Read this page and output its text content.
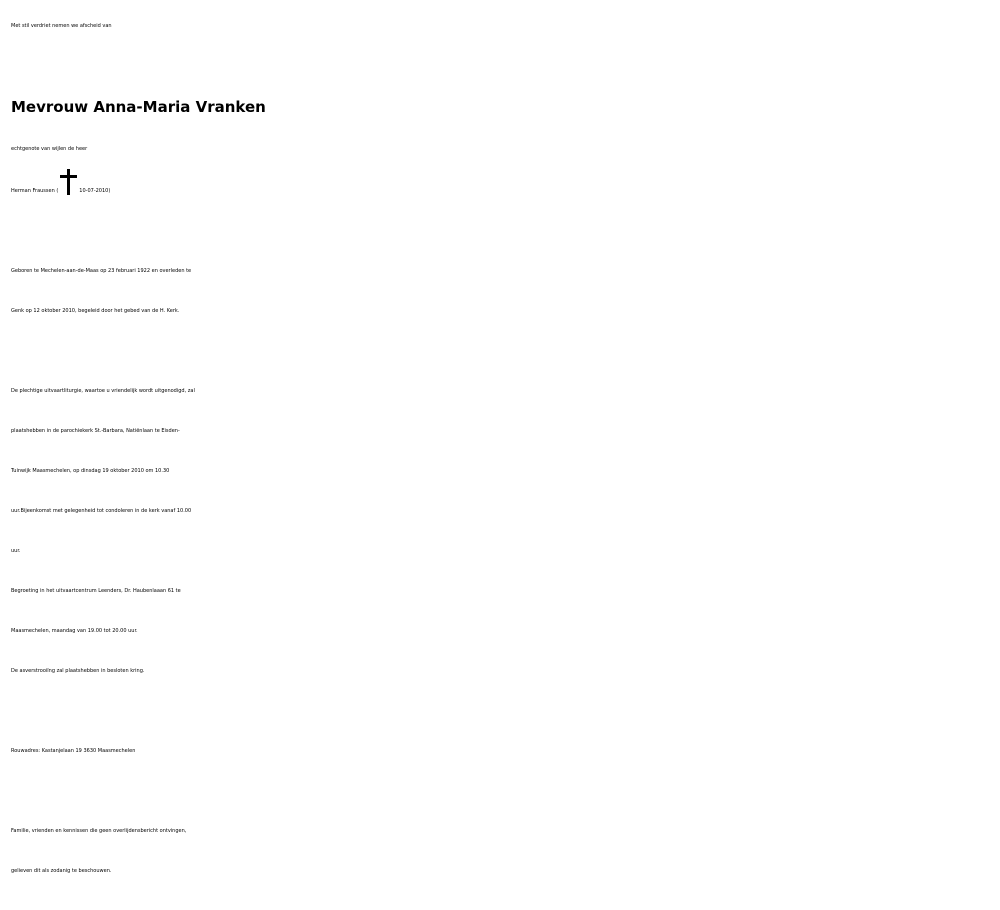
Met stil verdriet nemen we afscheid van

Mevrouw Anna-Maria Vranken

echtgenote van wijlen de heer

Herman Fraussen (	10-07-2010)

Geboren te Mechelen-aan-de-Maas op 23 februari 1922 en overleden te

Genk op 12 oktober 2010, begeleid door het gebed van de H. Kerk.

De plechtige uitvaartliturgie, waartoe u vriendelijk wordt uitgenodigd, zal

plaatshebben in de parochiekerk St.-Barbara, Natiënlaan te Eisden-

Tuinwijk Maasmechelen, op dinsdag 19 oktober 2010 om 10.30

uur.Bijeenkomst met gelegenheid tot condoleren in de kerk vanaf 10.00

uur.

Begroeting in het uitvaartcentrum Leenders, Dr. Haubenlaaan 61 te

Maasmechelen, maandag van 19.00 tot 20.00 uur.

De asverstrooiïng zal plaatshebben in besloten kring.

Rouwadres: Kastanjelaan 19 3630 Maasmechelen

Familie, vrienden en kennissen die geen overlijdensbericht ontvingen,

gelieven dit als zodanig te beschouwen.
